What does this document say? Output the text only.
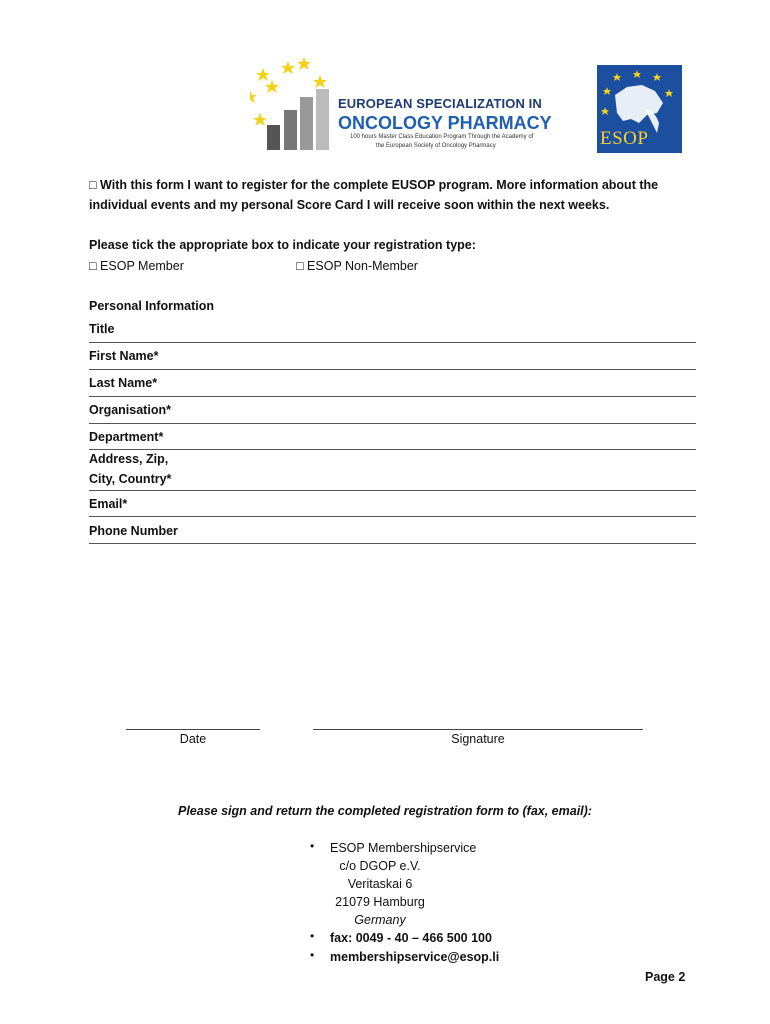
EUROPEAN SPECIALIZATION IN
ONCOLOGY PHARMACY
100 hours Master Class Education Program Through the Academy of
the European Society of Oncology Pharmacy	ESOP
□ With this form I want to register for the complete EUSOP program. More information about the
individual events and my personal Score Card I will receive soon within the next weeks.
Please tick the appropriate box to indicate your registration type:
□ ESOP Member	□ ESOP Non-Member
Personal Information
Title
First Name*
Last Name*
Organisation*
Department*
Address, Zip,
City, Country*
Email*
Phone Number
Date	Signature
Please sign and return the completed registration form to (fax, email):
• ESOP Membershipservice
c/o DGOP e.V.
Veritaskai 6
21079 Hamburg
Germany
• fax: 0049 - 40 – 466 500 100
• membershipservice@esop.li
Page 2
